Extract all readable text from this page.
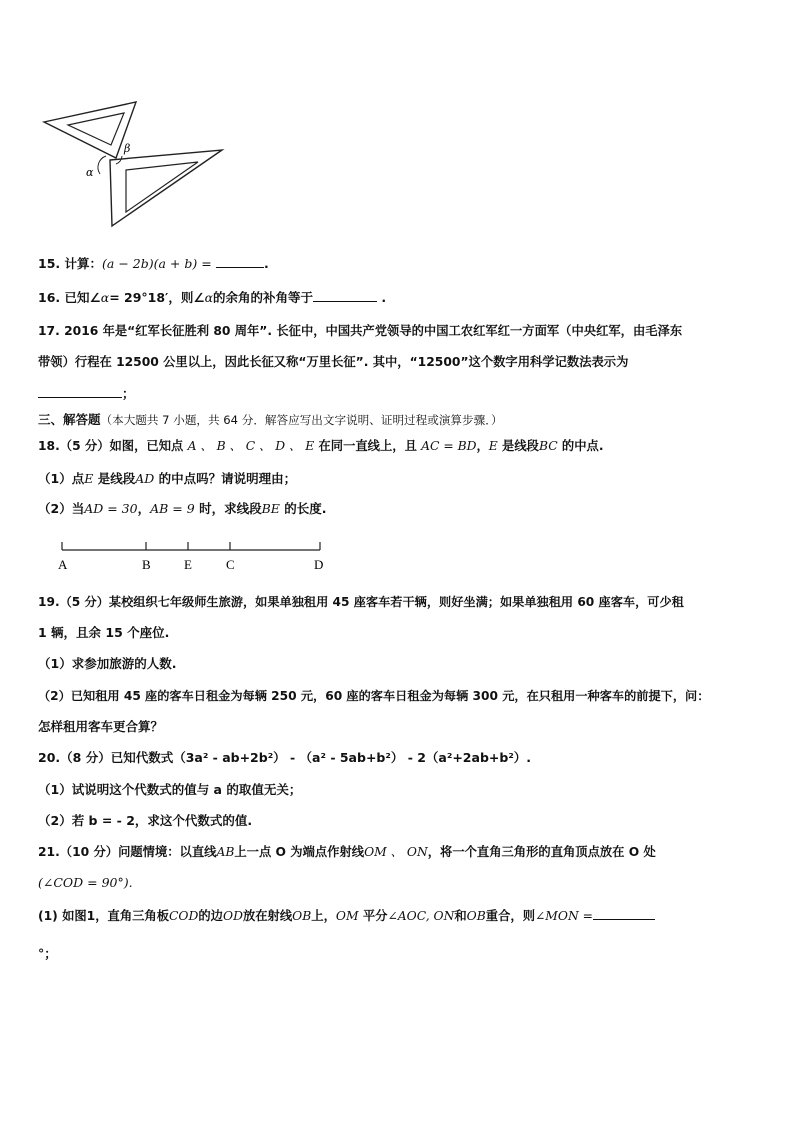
α
β
15. 计算：(a − 2b)(a + b) =	.
16. 已知∠α= 29°18′，则∠α的余角的补角等于	.
17. 2016 年是“红军长征胜利 80 周年”. 长征中，中国共产党领导的中国工农红军红一方面军（中央红军，由毛泽东
带领）行程在 12500 公里以上，因此长征又称“万里长征”. 其中，“12500”这个数字用科学记数法表示为
；
三、解答题（本大题共 7 小题，共 64 分．解答应写出文字说明、证明过程或演算步骤．）
18.（5 分）如图，已知点 A 、 B 、 C 、 D 、 E 在同一直线上，且 AC = BD，E 是线段BC 的中点.
（1）点E 是线段AD 的中点吗？请说明理由；
（2）当AD = 30，AB = 9 时，求线段BE 的长度.
A	B	E	C	D
19.（5 分）某校组织七年级师生旅游，如果单独租用 45 座客车若干辆，则好坐满；如果单独租用 60 座客车，可少租
1 辆，且余 15 个座位.
（1）求参加旅游的人数.
（2）已知租用 45 座的客车日租金为每辆 250 元，60 座的客车日租金为每辆 300 元，在只租用一种客车的前提下，问：
怎样租用客车更合算？
20.（8 分）已知代数式（3a² - ab+2b²） - （a² - 5ab+b²） - 2（a²+2ab+b²）.
（1）试说明这个代数式的值与 a 的取值无关；
（2）若 b = - 2，求这个代数式的值.
21.（10 分）问题情境：以直线AB上一点 O 为端点作射线OM 、 ON，将一个直角三角形的直角顶点放在 O 处
(∠COD = 90°).
(1) 如图1，直角三角板COD的边OD放在射线OB上，OM 平分∠AOC, ON和OB重合，则∠MON =
°；
